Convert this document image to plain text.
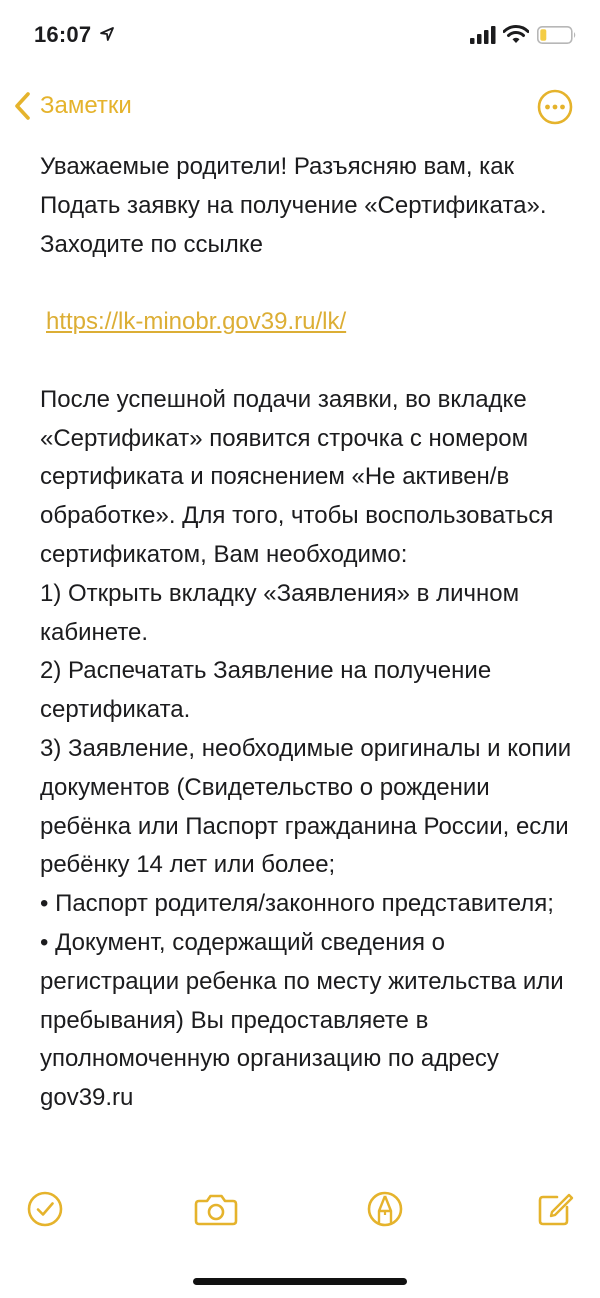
16:07
Заметки
Уважаемые родители! Разъясняю вам, как Подать заявку на получение «Сертификата». Заходите по ссылке
https://lk-minobr.gov39.ru/lk/
После успешной подачи заявки, во вкладке «Сертификат» появится строчка с номером сертификата и пояснением «Не активен/в обработке». Для того, чтобы воспользоваться сертификатом, Вам необходимо:
1) Открыть вкладку «Заявления» в личном кабинете.
2) Распечатать Заявление на получение сертификата.
3) Заявление, необходимые оригиналы и копии документов (Свидетельство о рождении ребёнка или Паспорт гражданина России, если ребёнку 14 лет или более;
• Паспорт родителя/законного представителя;
• Документ, содержащий сведения о регистрации ребенка по месту жительства или пребывания) Вы предоставляете в уполномоченную организацию по адресу
gov39.ru
